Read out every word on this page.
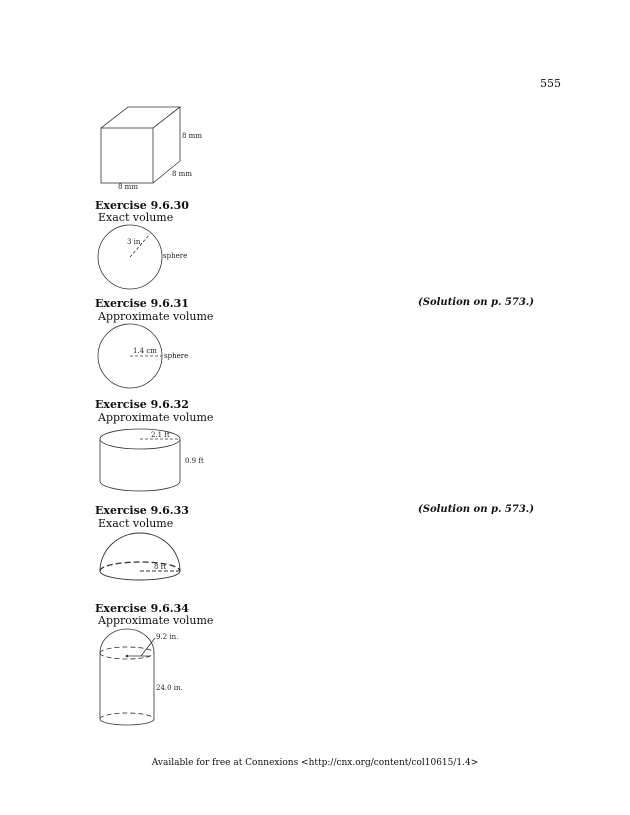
555
8 mm
8 mm
8 mm
Exercise 9.6.30
Exact volume
3 in.
sphere
Exercise 9.6.31	(Solution on p. 573.)
Approximate volume
1.4 cm
sphere
Exercise 9.6.32
Approximate volume
2.1 ft
0.9 ft
Exercise 9.6.33	(Solution on p. 573.)
Exact volume
8 ft
Exercise 9.6.34
Approximate volume
9.2 in.
24.0 in.
Available for free at Connexions <http://cnx.org/content/col10615/1.4>
